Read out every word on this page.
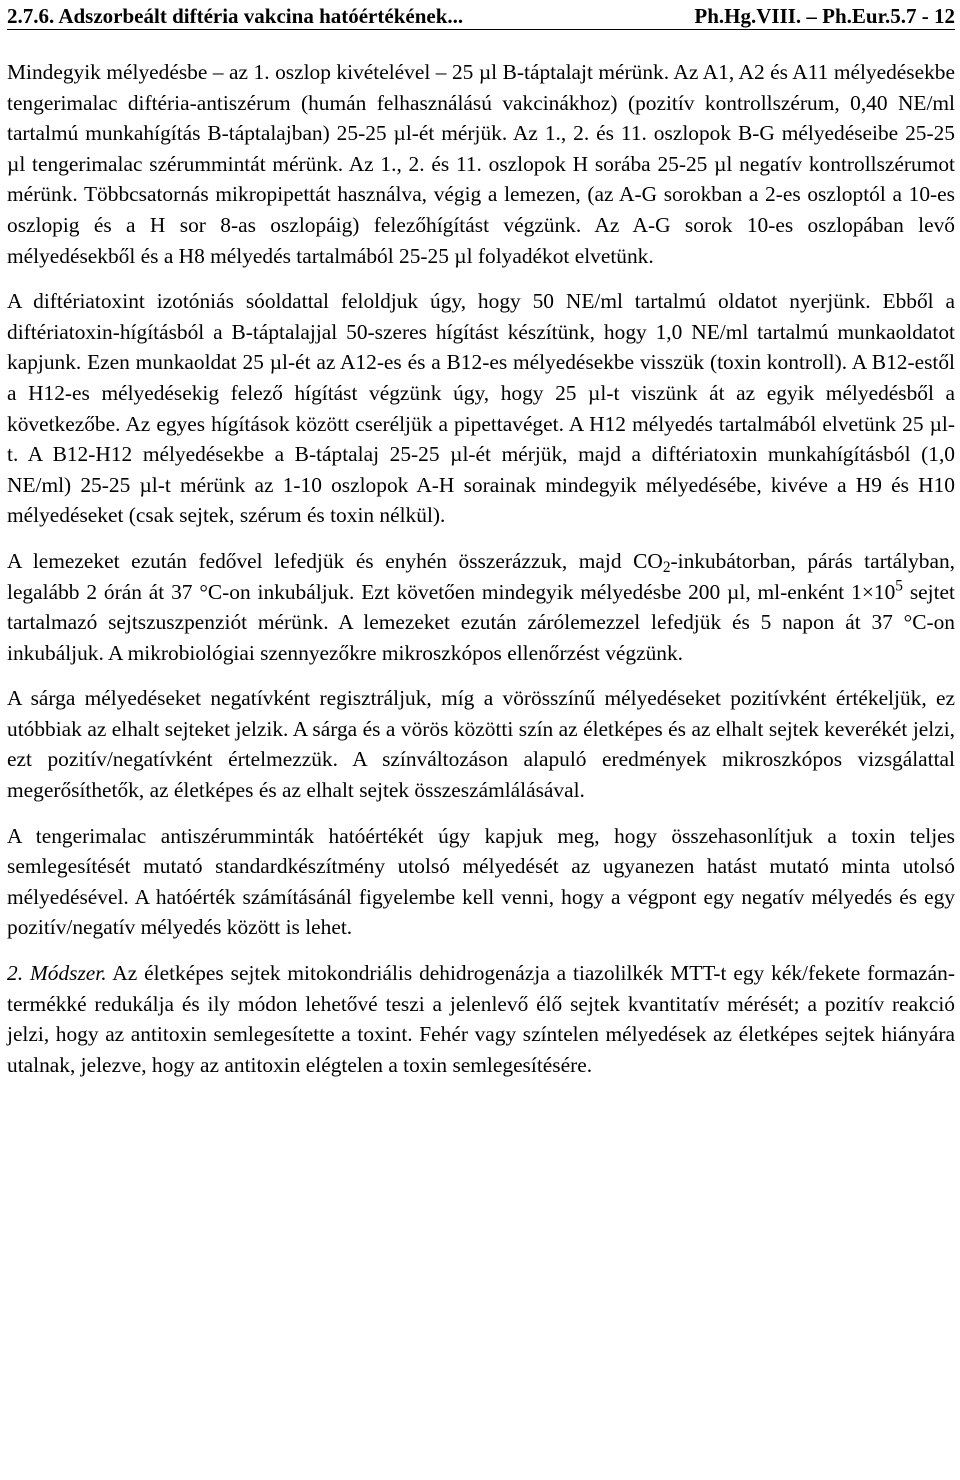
2.7.6. Adszorbeált diftéria vakcina hatóértékének...	Ph.Hg.VIII. – Ph.Eur.5.7 - 12

Mindegyik mélyedésbe – az 1. oszlop kivételével – 25 µl B-táptalajt mérünk. Az A1, A2 és A11 mélyedésekbe tengerimalac diftéria-antiszérum (humán felhasználású vakcinákhoz) (pozitív kontrollszérum, 0,40 NE/ml tartalmú munkahígítás B-táptalajban) 25-25 µl-ét mérjük. Az 1., 2. és 11. oszlopok B-G mélyedéseibe 25-25 µl tengerimalac szérummintát mérünk. Az 1., 2. és 11. oszlopok H sorába 25-25 µl negatív kontrollszérumot mérünk. Többcsatornás mikropipettát használva, végig a lemezen, (az A-G sorokban a 2-es oszloptól a 10-es oszlopig és a H sor 8-as oszlopáig) felezőhígítást végzünk. Az A-G sorok 10-es oszlopában levő mélyedésekből és a H8 mélyedés tartalmából 25-25 µl folyadékot elvetünk.

A diftériatoxint izotóniás sóoldattal feloldjuk úgy, hogy 50 NE/ml tartalmú oldatot nyerjünk. Ebből a diftériatoxin-hígításból a B-táptalajjal 50-szeres hígítást készítünk, hogy 1,0 NE/ml tartalmú munkaoldatot kapjunk. Ezen munkaoldat 25 µl-ét az A12-es és a B12-es mélyedésekbe visszük (toxin kontroll). A B12-estől a H12-es mélyedésekig felező hígítást végzünk úgy, hogy 25 µl-t viszünk át az egyik mélyedésből a következőbe. Az egyes hígítások között cseréljük a pipettavéget. A H12 mélyedés tartalmából elvetünk 25 µl-t. A B12-H12 mélyedésekbe a B-táptalaj 25-25 µl-ét mérjük, majd a diftériatoxin munkahígításból (1,0 NE/ml) 25-25 µl-t mérünk az 1-10 oszlopok A-H sorainak mindegyik mélyedésébe, kivéve a H9 és H10 mélyedéseket (csak sejtek, szérum és toxin nélkül).

A lemezeket ezután fedővel lefedjük és enyhén összerázzuk, majd $CO_2$-inkubátorban, párás tartályban, legalább 2 órán át 37 °C-on inkubáljuk. Ezt követően mindegyik mélyedésbe 200 µl, ml-enként $1\times 10^5$ sejtet tartalmazó sejtszuszpenziót mérünk. A lemezeket ezután zárólemezzel lefedjük és 5 napon át 37 °C-on inkubáljuk. A mikrobiológiai szennyezőkre mikroszkópos ellenőrzést végzünk.

A sárga mélyedéseket negatívként regisztráljuk, míg a vörösszínű mélyedéseket pozitívként értékeljük, ez utóbbiak az elhalt sejteket jelzik. A sárga és a vörös közötti szín az életképes és az elhalt sejtek keverékét jelzi, ezt pozitív/negatívként értelmezzük. A színváltozáson alapuló eredmények mikroszkópos vizsgálattal megerősíthetők, az életképes és az elhalt sejtek összeszámlálásával.

A tengerimalac antiszérumminták hatóértékét úgy kapjuk meg, hogy összehasonlítjuk a toxin teljes semlegesítését mutató standardkészítmény utolsó mélyedését az ugyanezen hatást mutató minta utolsó mélyedésével. A hatóérték számításánál figyelembe kell venni, hogy a végpont egy negatív mélyedés és egy pozitív/negatív mélyedés között is lehet.

2. Módszer. Az életképes sejtek mitokondriális dehidrogenázja a tiazolilkék MTT-t egy kék/fekete formazán-termékké redukálja és ily módon lehetővé teszi a jelenlevő élő sejtek kvantitatív mérését; a pozitív reakció jelzi, hogy az antitoxin semlegesítette a toxint. Fehér vagy színtelen mélyedések az életképes sejtek hiányára utalnak, jelezve, hogy az antitoxin elégtelen a toxin semlegesítésére.
